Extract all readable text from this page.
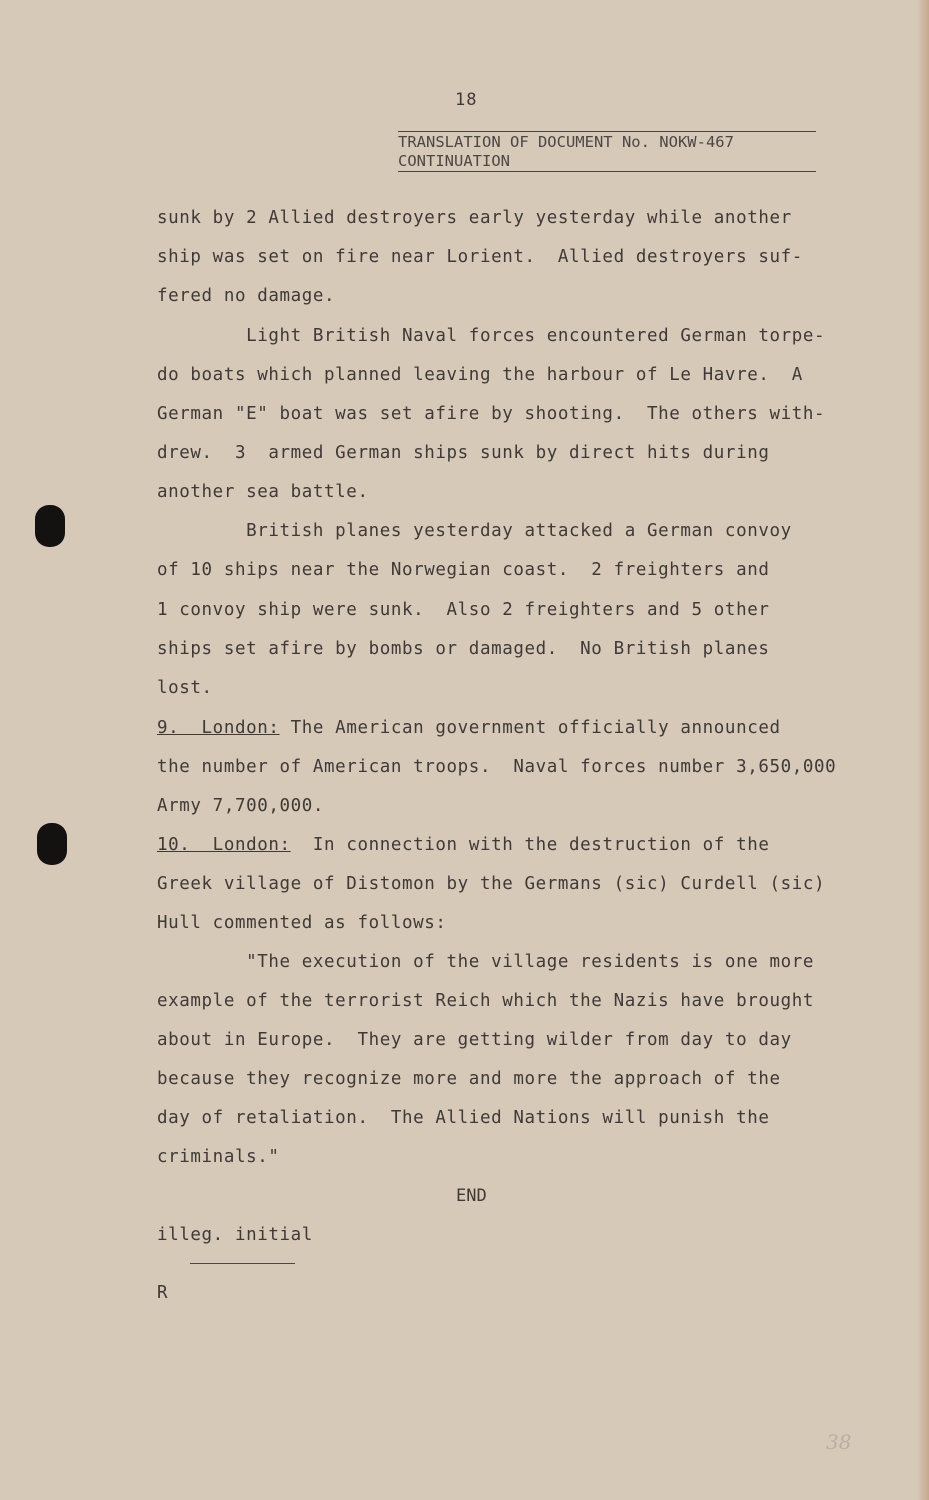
18
TRANSLATION OF DOCUMENT No. NOKW-467
CONTINUATION
sunk by 2 Allied destroyers early yesterday while another
ship was set on fire near Lorient.  Allied destroyers suf-
fered no damage.
Light British Naval forces encountered German torpe-
do boats which planned leaving the harbour of Le Havre.  A
German "E" boat was set afire by shooting.  The others with-
drew.  3  armed German ships sunk by direct hits during
another sea battle.
British planes yesterday attacked a German convoy
of 10 ships near the Norwegian coast.  2 freighters and
1 convoy ship were sunk.  Also 2 freighters and 5 other
ships set afire by bombs or damaged.  No British planes
lost.
9.  London: The American government officially announced
the number of American troops.  Naval forces number 3,650,000
Army 7,700,000.
10.  London:  In connection with the destruction of the
Greek village of Distomon by the Germans (sic) Curdell (sic)
Hull commented as follows:
"The execution of the village residents is one more
example of the terrorist Reich which the Nazis have brought
about in Europe.  They are getting wilder from day to day
because they recognize more and more the approach of the
day of retaliation.  The Allied Nations will punish the
criminals."
END
illeg. initial
R
38
